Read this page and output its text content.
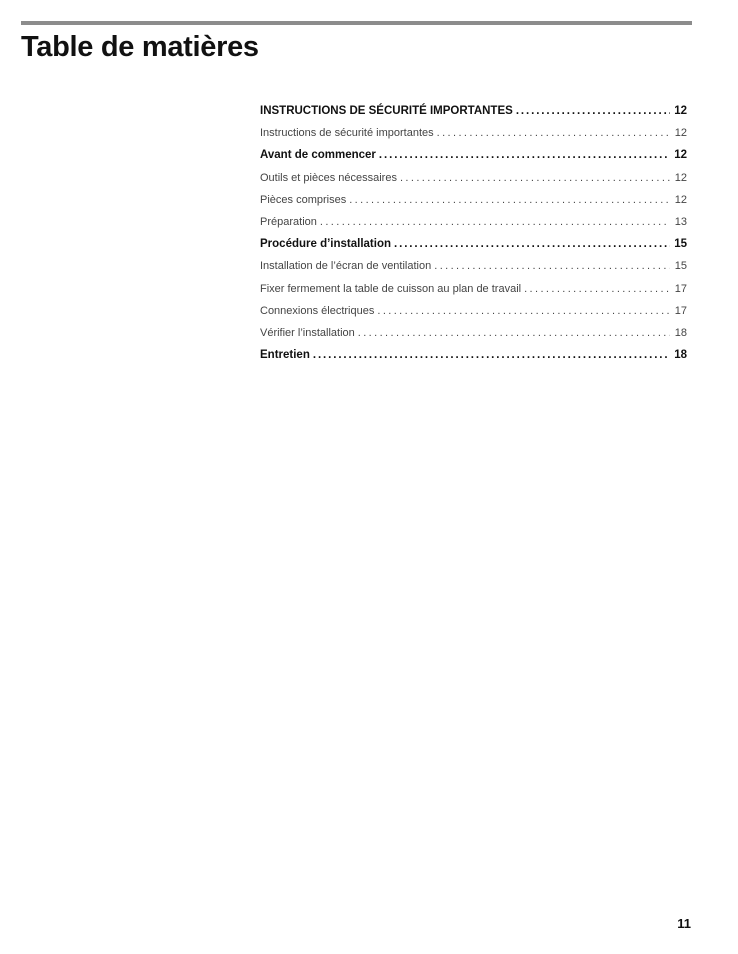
Table de matières
INSTRUCTIONS DE SÉCURITÉ IMPORTANTES .....	12
Instructions de sécurité importantes .....	12
Avant de commencer .....	12
Outils et pièces nécessaires .....	12
Pièces comprises .....	12
Préparation .....	13
Procédure d’installation .....	15
Installation de l’écran de ventilation .....	15
Fixer fermement la table de cuisson au plan de travail .....	17
Connexions électriques .....	17
Vérifier l’installation .....	18
Entretien .....	18
11
